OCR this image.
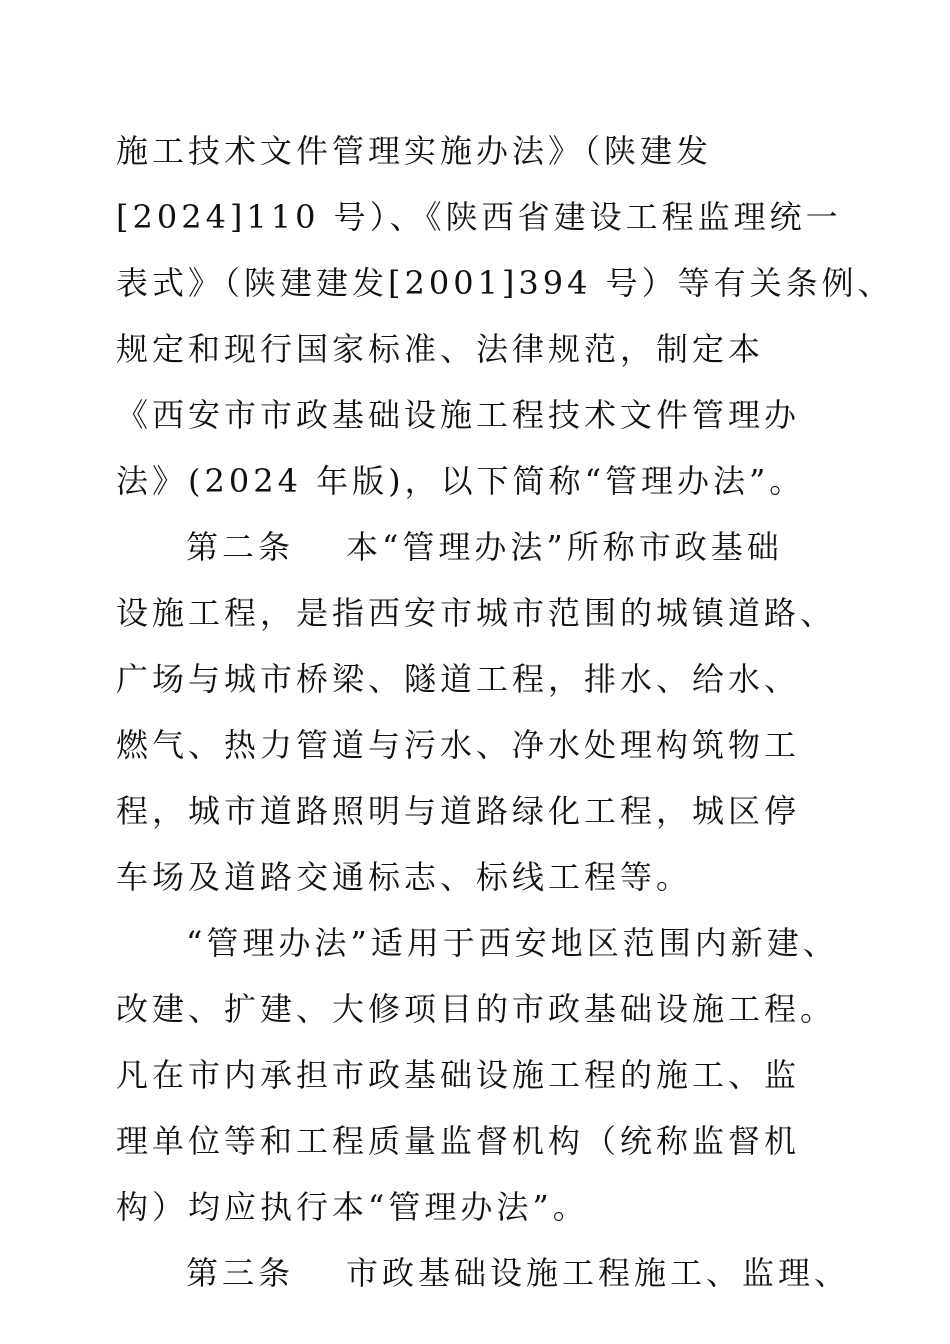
施工技术文件管理实施办法》（陕建发
[2024]110 号）、《陕西省建设工程监理统一
表式》（陕建建发[2001]394 号）等有关条例、
规定和现行国家标准、法律规范，制定本
《西安市市政基础设施工程技术文件管理办
法》(2024 年版)，以下简称“管理办法”。
第二条 本“管理办法”所称市政基础
设施工程，是指西安市城市范围的城镇道路、
广场与城市桥梁、隧道工程，排水、给水、
燃气、热力管道与污水、净水处理构筑物工
程，城市道路照明与道路绿化工程，城区停
车场及道路交通标志、标线工程等。
“管理办法”适用于西安地区范围内新建、
改建、扩建、大修项目的市政基础设施工程。
凡在市内承担市政基础设施工程的施工、监
理单位等和工程质量监督机构（统称监督机
构）均应执行本“管理办法”。
第三条 市政基础设施工程施工、监理、
